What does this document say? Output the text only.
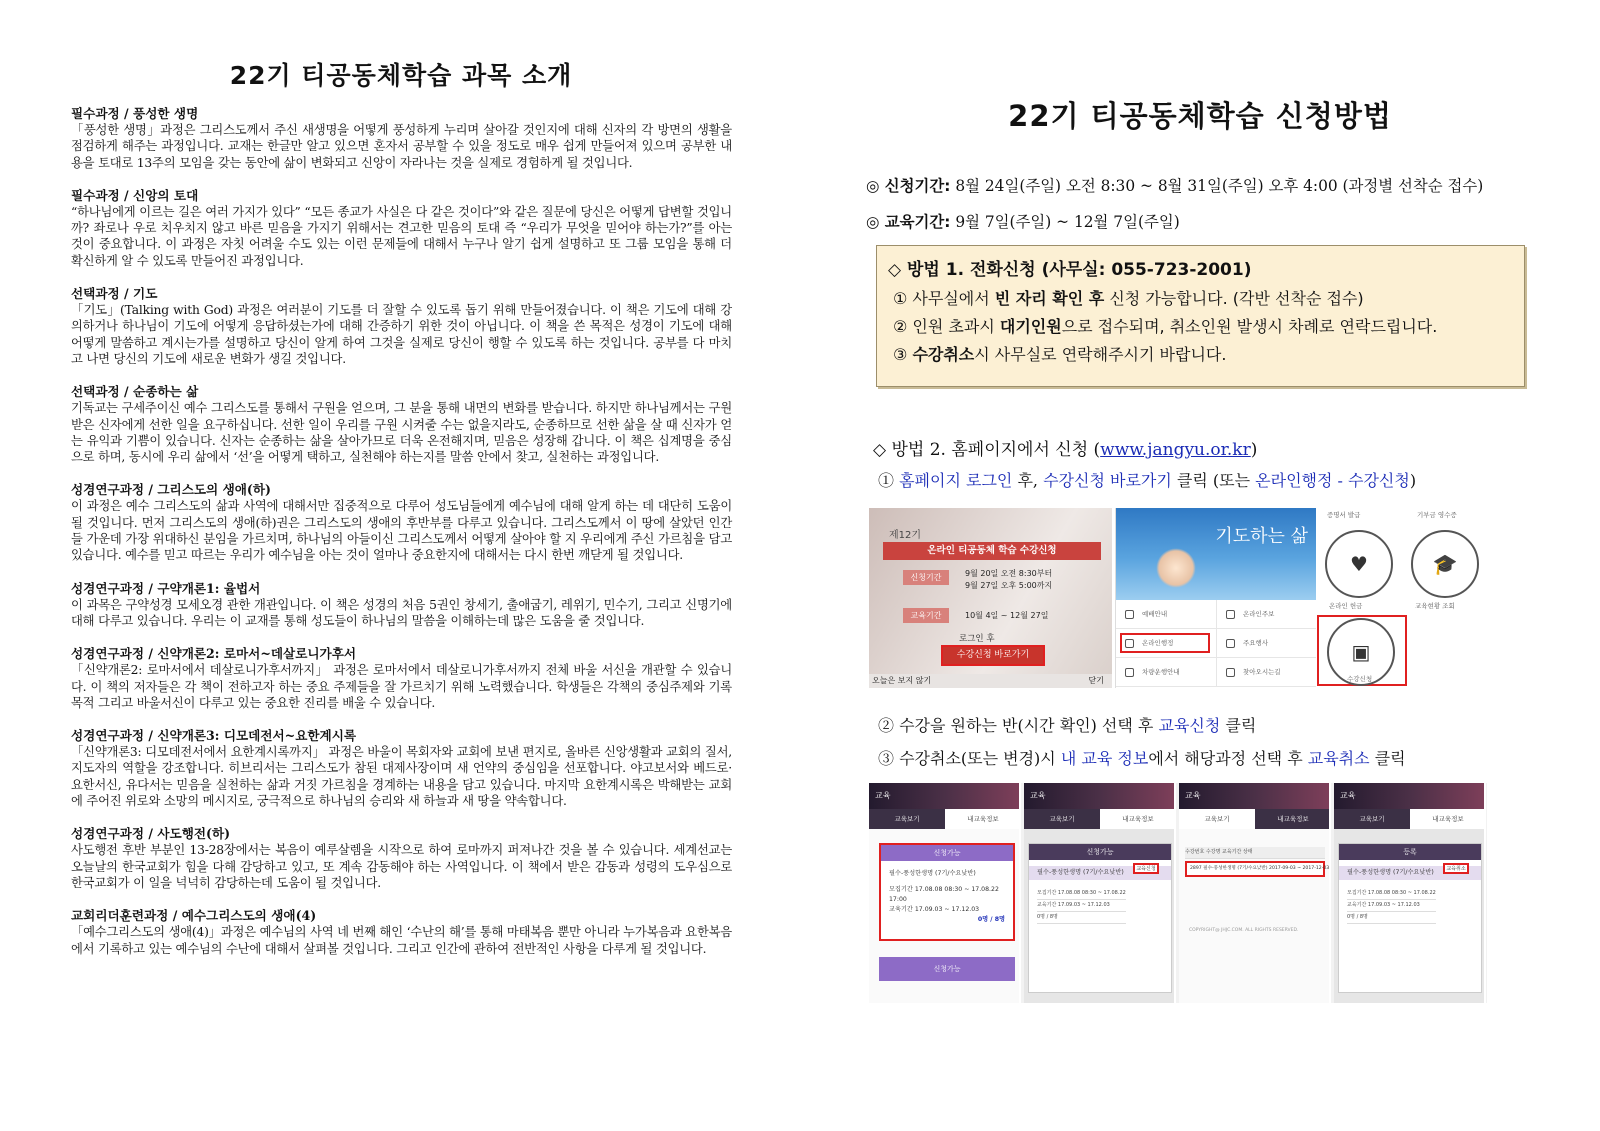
22기 티공동체학습 과목 소개
필수과정 / 풍성한 생명
「풍성한 생명」과정은 그리스도께서 주신 새생명을 어떻게 풍성하게 누리며 살아갈 것인지에 대해 신자의 각 방면의 생활을 점검하게 해주는 과정입니다. 교재는 한글만 알고 있으면 혼자서 공부할 수 있을 정도로 매우 쉽게 만들어져 있으며 공부한 내용을 토대로 13주의 모임을 갖는 동안에 삶이 변화되고 신앙이 자라나는 것을 실제로 경험하게 될 것입니다.
필수과정 / 신앙의 토대
“하나님에게 이르는 길은 여러 가지가 있다” “모든 종교가 사실은 다 같은 것이다”와 같은 질문에 당신은 어떻게 답변할 것입니까? 좌로나 우로 치우치지 않고 바른 믿음을 가지기 위해서는 견고한 믿음의 토대 즉 “우리가 무엇을 믿어야 하는가?”를 아는 것이 중요합니다. 이 과정은 자칫 어려울 수도 있는 이런 문제들에 대해서 누구나 알기 쉽게 설명하고 또 그룹 모임을 통해 더 확신하게 알 수 있도록 만들어진 과정입니다.
선택과정 / 기도
「기도」(Talking with God) 과정은 여러분이 기도를 더 잘할 수 있도록 돕기 위해 만들어졌습니다. 이 책은 기도에 대해 강의하거나 하나님이 기도에 어떻게 응답하셨는가에 대해 간증하기 위한 것이 아닙니다. 이 책을 쓴 목적은 성경이 기도에 대해 어떻게 말씀하고 계시는가를 설명하고 당신이 알게 하여 그것을 실제로 당신이 행할 수 있도록 하는 것입니다. 공부를 다 마치고 나면 당신의 기도에 새로운 변화가 생길 것입니다.
선택과정 / 순종하는 삶
기독교는 구세주이신 예수 그리스도를 통해서 구원을 얻으며, 그 분을 통해 내면의 변화를 받습니다. 하지만 하나님께서는 구원받은 신자에게 선한 일을 요구하십니다. 선한 일이 우리를 구원 시켜줄 수는 없을지라도, 순종하므로 선한 삶을 살 때 신자가 얻는 유익과 기쁨이 있습니다. 신자는 순종하는 삶을 살아가므로 더욱 온전해지며, 믿음은 성장해 갑니다. 이 책은 십계명을 중심으로 하며, 동시에 우리 삶에서 ‘선’을 어떻게 택하고, 실천해야 하는지를 말씀 안에서 찾고, 실천하는 과정입니다.
성경연구과정 / 그리스도의 생애(하)
이 과정은 예수 그리스도의 삶과 사역에 대해서만 집중적으로 다루어 성도님들에게 예수님에 대해 알게 하는 데 대단히 도움이 될 것입니다. 먼저 그리스도의 생애(하)권은 그리스도의 생애의 후반부를 다루고 있습니다. 그리스도께서 이 땅에 살았던 인간들 가운데 가장 위대하신 분임을 가르치며, 하나님의 아들이신 그리스도께서 어떻게 살아야 할 지 우리에게 주신 가르침을 담고 있습니다. 예수를 믿고 따르는 우리가 예수님을 아는 것이 얼마나 중요한지에 대해서는 다시 한번 깨닫게 될 것입니다.
성경연구과정 / 구약개론1: 율법서
이 과목은 구약성경 모세오경 관한 개관입니다. 이 책은 성경의 처음 5권인 창세기, 출애굽기, 레위기, 민수기, 그리고 신명기에 대해 다루고 있습니다. 우리는 이 교재를 통해 성도들이 하나님의 말씀을 이해하는데 많은 도움을 줄 것입니다.
성경연구과정 / 신약개론2: 로마서~데살로니가후서
「신약개론2: 로마서에서 데살로니가후서까지」 과정은 로마서에서 데살로니가후서까지 전체 바울 서신을 개관할 수 있습니다. 이 책의 저자들은 각 책이 전하고자 하는 중요 주제들을 잘 가르치기 위해 노력했습니다. 학생들은 각책의 중심주제와 기록목적 그리고 바울서신이 다루고 있는 중요한 진리를 배울 수 있습니다.
성경연구과정 / 신약개론3: 디모데전서~요한계시록
「신약개론3: 디모데전서에서 요한계시록까지」 과정은 바울이 목회자와 교회에 보낸 편지로, 올바른 신앙생활과 교회의 질서, 지도자의 역할을 강조합니다. 히브리서는 그리스도가 참된 대제사장이며 새 언약의 중심임을 선포합니다. 야고보서와 베드로·요한서신, 유다서는 믿음을 실천하는 삶과 거짓 가르침을 경계하는 내용을 담고 있습니다. 마지막 요한계시록은 박해받는 교회에 주어진 위로와 소망의 메시지로, 궁극적으로 하나님의 승리와 새 하늘과 새 땅을 약속합니다.
성경연구과정 / 사도행전(하)
사도행전 후반 부분인 13-28장에서는 복음이 예루살렘을 시작으로 하여 로마까지 퍼져나간 것을 볼 수 있습니다. 세계선교는 오늘날의 한국교회가 힘을 다해 감당하고 있고, 또 계속 감동해야 하는 사역입니다. 이 책에서 받은 감동과 성령의 도우심으로 한국교회가 이 일을 넉넉히 감당하는데 도움이 될 것입니다.
교회리더훈련과정 / 예수그리스도의 생애(4)
「예수그리스도의 생애(4)」과정은 예수님의 사역 네 번째 해인 ‘수난의 해’를 통해 마태복음 뿐만 아니라 누가복음과 요한복음에서 기록하고 있는 예수님의 수난에 대해서 살펴볼 것입니다. 그리고 인간에 관하여 전반적인 사항을 다루게 될 것입니다.
22기 티공동체학습 신청방법
◎ 신청기간: 8월 24일(주일) 오전 8:30 ~ 8월 31일(주일) 오후 4:00 (과정별 선착순 접수)
◎ 교육기간: 9월 7일(주일) ~ 12월 7일(주일)
◇ 방법 1. 전화신청 (사무실: 055-723-2001)
① 사무실에서 빈 자리 확인 후 신청 가능합니다. (각반 선착순 접수)
② 인원 초과시 대기인원으로 접수되며, 취소인원 발생시 차례로 연락드립니다.
③ 수강취소시 사무실로 연락해주시기 바랍니다.
◇ 방법 2. 홈페이지에서 신청 (www.jangyu.or.kr)
① 홈페이지 로그인 후, 수강신청 바로가기 클릭 (또는 온라인행정 - 수강신청)
제12기
온라인 티공동체 학습 수강신청
신청기간	9월 20일 오전 8:30부터
9월 27일 오후 5:00까지
교육기간	10월 4일 ~ 12월 27일
로그인 후
수강신청 바로가기
오늘은 보지 않기	닫기
기도하는 삶
예배안내	온라인주보
온라인행정	주요행사
차량운행안내	찾아오시는길
증명서 발급	기부금 영수증
♥	🎓
온라인 헌금	교육현황 조회
▣
수강신청
② 수강을 원하는 반(시간 확인) 선택 후 교육신청 클릭
③ 수강취소(또는 변경)시 내 교육 정보에서 해당과정 선택 후 교육취소 클릭
교육
교육보기	내교육정보
신청가능
필수-풍성한생명 (7기/수요낮반)
모집기간 17.08.08 08:30 ~ 17.08.22
17:00
교육기간 17.09.03 ~ 17.12.03
0명 / 8명
신청가능
교육
교육보기	내교육정보
신청가능
필수-풍성한생명 (7기/수요낮반)	교육신청
모집기간 17.08.08 08:30 ~ 17.08.22
교육기간 17.09.03 ~ 17.12.03
0명 / 8명
교육
교육보기	내교육정보
수강번호 수강명 교육기간 상태
2897 필수-풍성한생명 (7기/수요낮반) 2017-09-03 ~ 2017-12-03
COPYRIGHT@ JHJC.COM. ALL RIGHTS RESERVED.
교육
교육보기	내교육정보
등록
필수-풍성한생명 (7기/수요낮반)	교육취소
모집기간 17.08.08 08:30 ~ 17.08.22
교육기간 17.09.03 ~ 17.12.03
0명 / 8명
